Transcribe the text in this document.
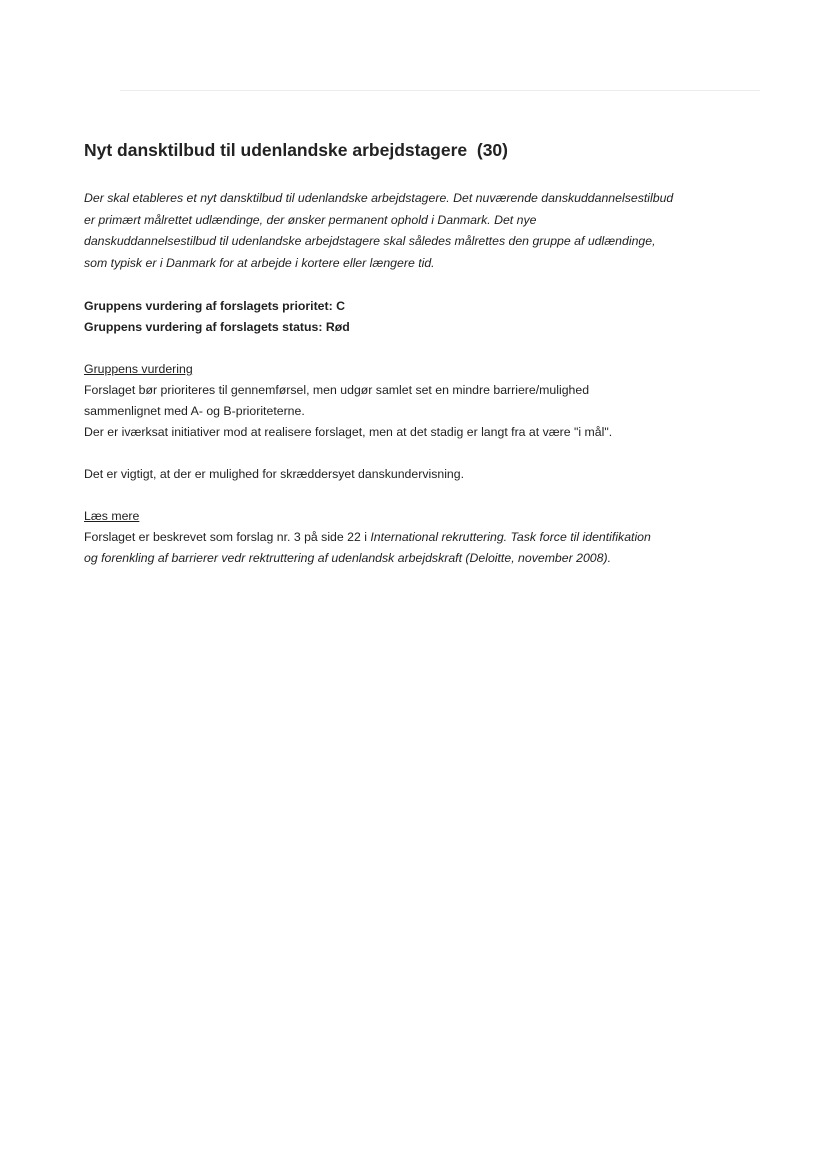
Nyt dansktilbud til udenlandske arbejdstagere  (30)
Der skal etableres et nyt dansktilbud til udenlandske arbejdstagere. Det nuværende danskuddannelsestilbud
er primært målrettet udlændinge, der ønsker permanent ophold i Danmark. Det nye
danskuddannelsestilbud til udenlandske arbejdstagere skal således målrettes den gruppe af udlændinge,
som typisk er i Danmark for at arbejde i kortere eller længere tid.
Gruppens vurdering af forslagets prioritet: C
Gruppens vurdering af forslagets status: Rød
Gruppens vurdering
Forslaget bør prioriteres til gennemførsel, men udgør samlet set en mindre barriere/mulighed
sammenlignet med A- og B-prioriteterne.
Der er iværksat initiativer mod at realisere forslaget, men at det stadig er langt fra at være "i mål".
Det er vigtigt, at der er mulighed for skræddersyet danskundervisning.
Læs mere
Forslaget er beskrevet som forslag nr. 3 på side 22 i International rekruttering. Task force til identifikation
og forenkling af barrierer vedr rektruttering af udenlandsk arbejdskraft (Deloitte, november 2008).
